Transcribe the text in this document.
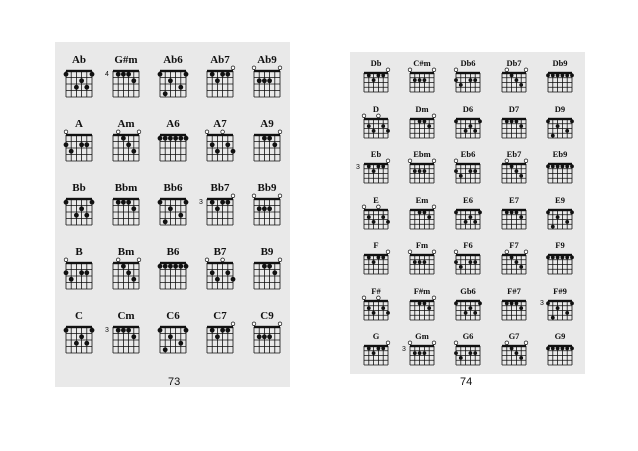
Ab	G#m
4
Ab6	Ab7	Ab9
A	Am	A6	A7	A9
Bb	Bbm	Bb6	Bb7
3
Bb9
B	Bm	B6	B7	B9
C	Cm
3
C6	C7	C9
Db	C#m	Db6	Db7	Db9
D	Dm	D6	D7	D9
Eb
3
Ebm	Eb6	Eb7	Eb9
E	Em	E6	E7	E9
F	Fm	F6	F7	F9
F#	F#m	Gb6	F#7	F#9
3
G	Gm
3
G6	G7	G9
73	74
